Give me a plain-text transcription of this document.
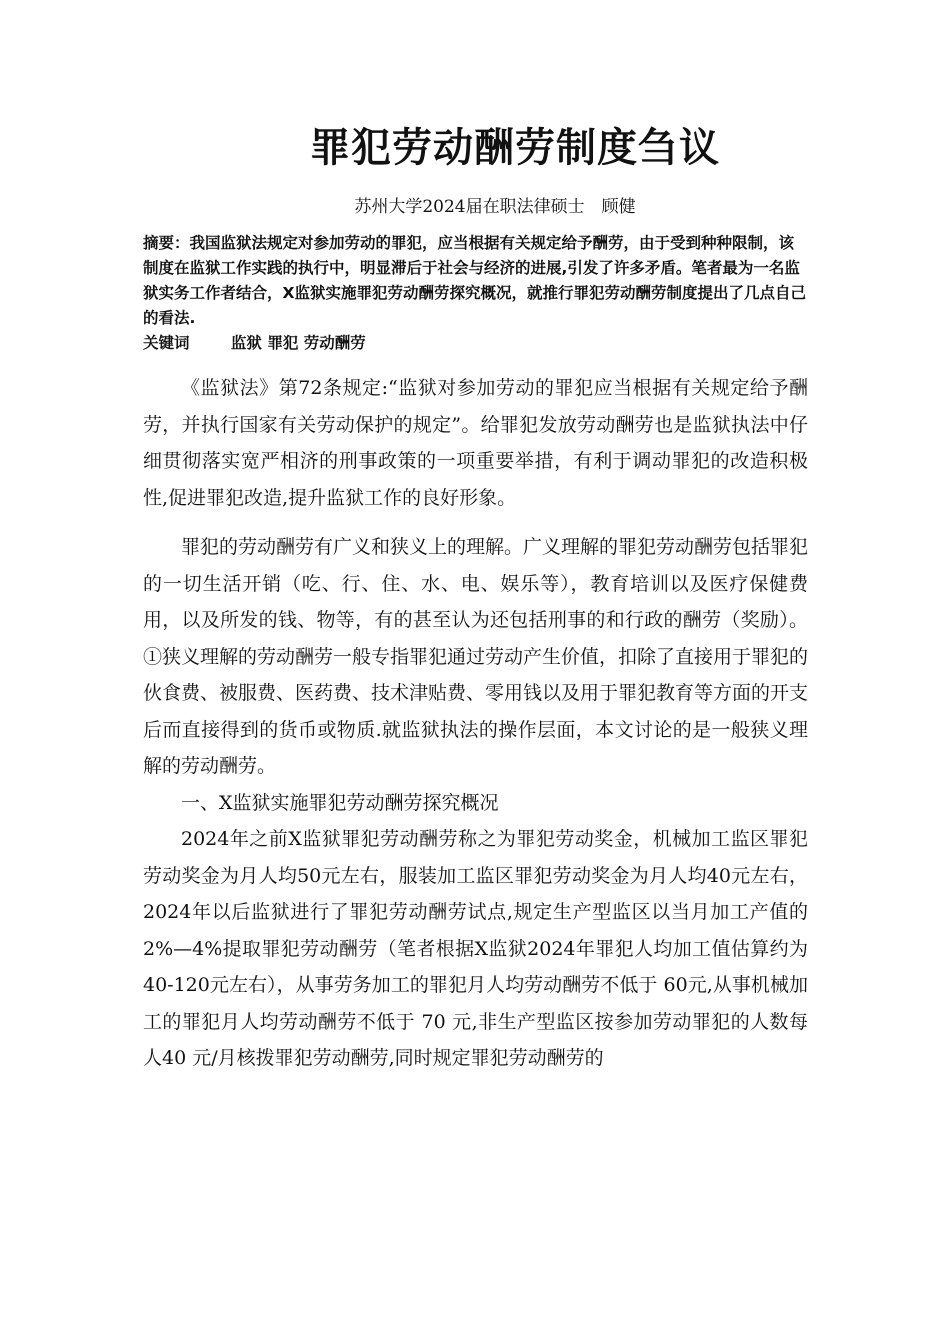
罪犯劳动酬劳制度刍议
苏州大学2024届在职法律硕士　顾健

摘要：我国监狱法规定对参加劳动的罪犯，应当根据有关规定给予酬劳，由于受到种种限制，该制度在监狱工作实践的执行中，明显滞后于社会与经济的进展,引发了许多矛盾。笔者最为一名监狱实务工作者结合，X监狱实施罪犯劳动酬劳探究概况，就推行罪犯劳动酬劳制度提出了几点自己的看法.

关键词	监狱 罪犯 劳动酬劳

《监狱法》第72条规定:“监狱对参加劳动的罪犯应当根据有关规定给予酬劳，并执行国家有关劳动保护的规定”。给罪犯发放劳动酬劳也是监狱执法中仔细贯彻落实宽严相济的刑事政策的一项重要举措，有利于调动罪犯的改造积极性,促进罪犯改造,提升监狱工作的良好形象。

罪犯的劳动酬劳有广义和狭义上的理解。广义理解的罪犯劳动酬劳包括罪犯的一切生活开销（吃、行、住、水、电、娱乐等），教育培训以及医疗保健费用，以及所发的钱、物等，有的甚至认为还包括刑事的和行政的酬劳（奖励）。①狭义理解的劳动酬劳一般专指罪犯通过劳动产生价值，扣除了直接用于罪犯的伙食费、被服费、医药费、技术津贴费、零用钱以及用于罪犯教育等方面的开支后而直接得到的货币或物质.就监狱执法的操作层面，本文讨论的是一般狭义理解的劳动酬劳。

一、X监狱实施罪犯劳动酬劳探究概况

2024年之前X监狱罪犯劳动酬劳称之为罪犯劳动奖金，机械加工监区罪犯劳动奖金为月人均50元左右，服装加工监区罪犯劳动奖金为月人均40元左右，2024年以后监狱进行了罪犯劳动酬劳试点,规定生产型监区以当月加工产值的 2%—4%提取罪犯劳动酬劳（笔者根据X监狱2024年罪犯人均加工值估算约为40-120元左右），从事劳务加工的罪犯月人均劳动酬劳不低于 60元,从事机械加工的罪犯月人均劳动酬劳不低于 70 元,非生产型监区按参加劳动罪犯的人数每人40 元/月核拨罪犯劳动酬劳,同时规定罪犯劳动酬劳的
